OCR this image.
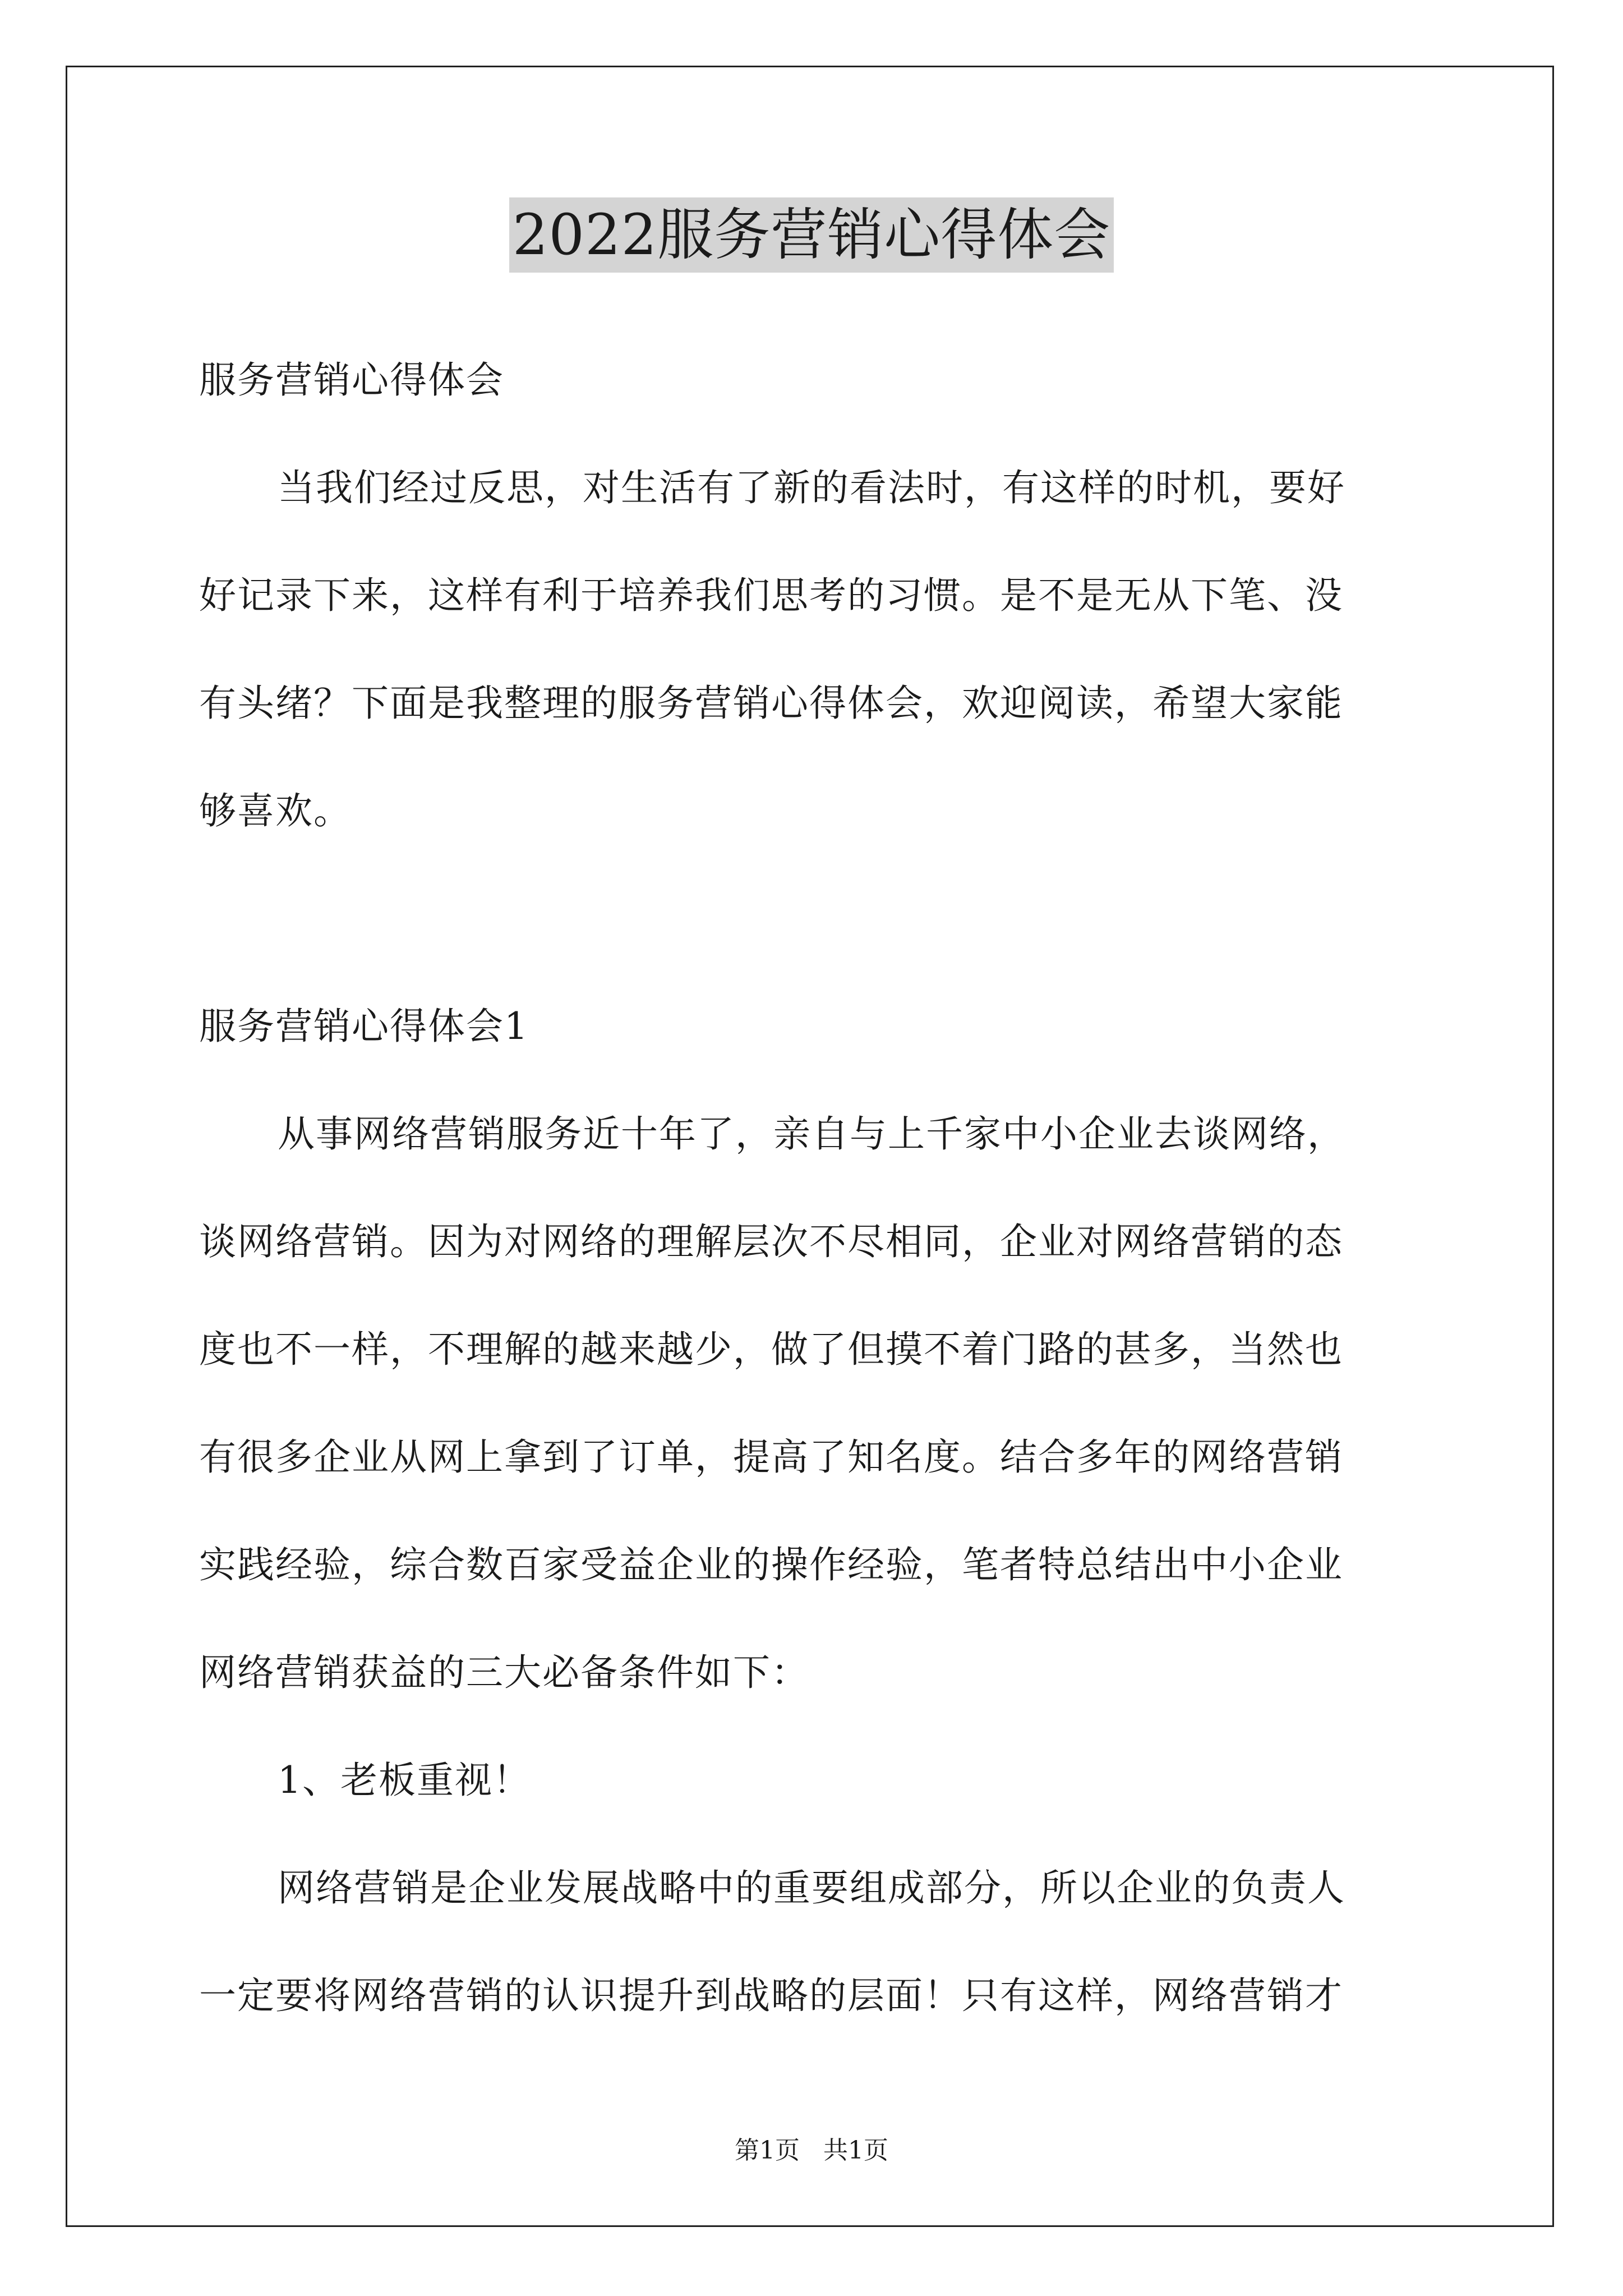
2022服务营销心得体会
服务营销心得体会
当我们经过反思，对生活有了新的看法时，有这样的时机，要好
好记录下来，这样有利于培养我们思考的习惯。是不是无从下笔、没
有头绪？下面是我整理的服务营销心得体会，欢迎阅读，希望大家能
够喜欢。
服务营销心得体会1
从事网络营销服务近十年了，亲自与上千家中小企业去谈网络，
谈网络营销。因为对网络的理解层次不尽相同，企业对网络营销的态
度也不一样，不理解的越来越少，做了但摸不着门路的甚多，当然也
有很多企业从网上拿到了订单，提高了知名度。结合多年的网络营销
实践经验，综合数百家受益企业的操作经验，笔者特总结出中小企业
网络营销获益的三大必备条件如下：
1、老板重视！
网络营销是企业发展战略中的重要组成部分，所以企业的负责人
一定要将网络营销的认识提升到战略的层面！只有这样，网络营销才
第1页 共1页
